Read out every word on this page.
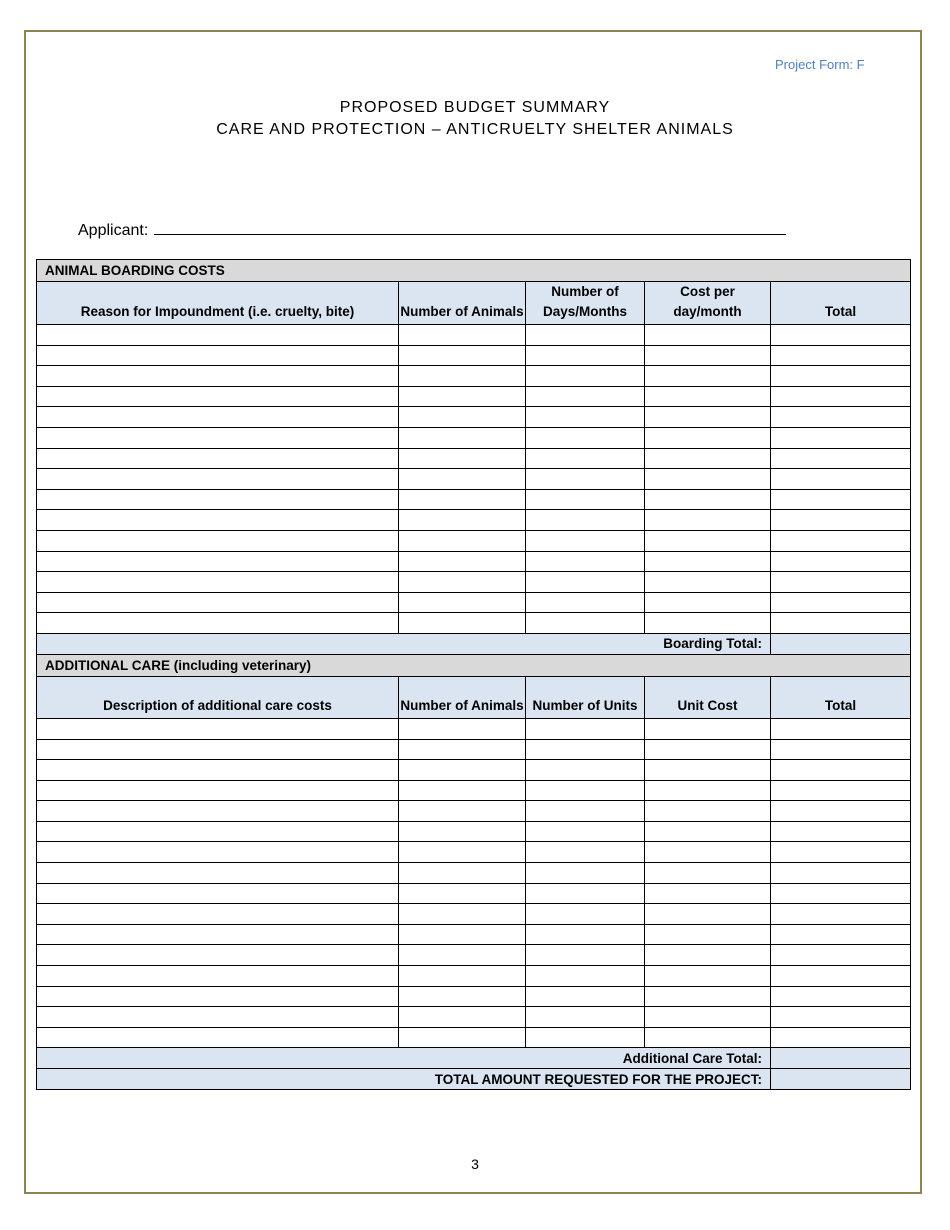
Project Form: F
PROPOSED BUDGET SUMMARY
CARE AND PROTECTION – ANTICRUELTY SHELTER ANIMALS
Applicant:
ANIMAL BOARDING COSTS				
Reason for Impoundment (i.e. cruelty, bite)	Number of Animals	Number of Days/Months	Cost per day/month	Total

Boarding Total:				
ADDITIONAL CARE (including veterinary)				
Description of additional care costs	Number of Animals	Number of Units	Unit Cost	Total

Additional Care Total:				
TOTAL AMOUNT REQUESTED FOR THE PROJECT:				
3
